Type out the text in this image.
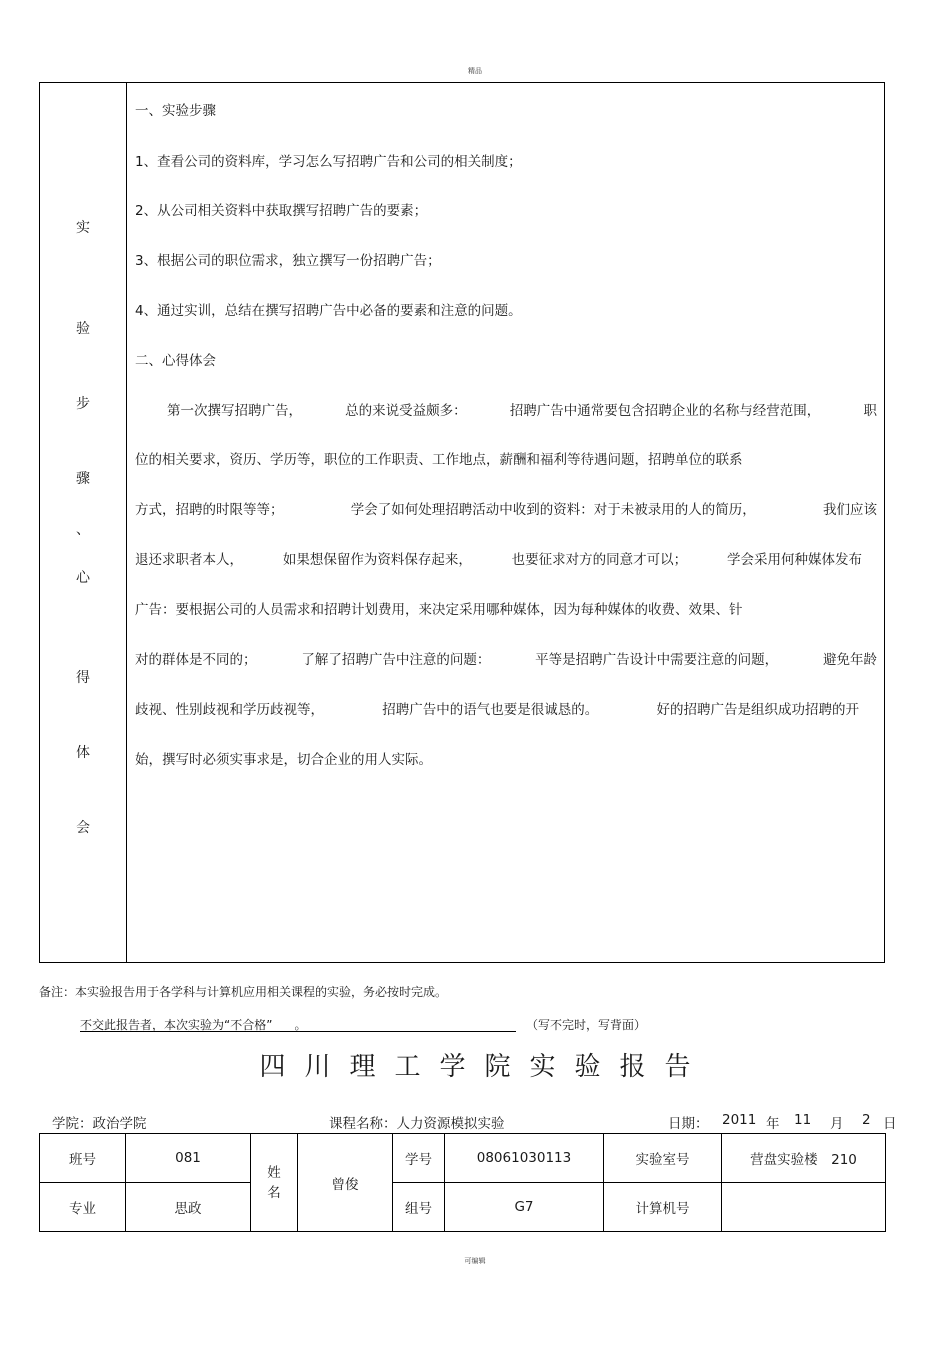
精品
实
验
步
骤
、
心
得
体
会
一、实验步骤
1、查看公司的资料库，学习怎么写招聘广告和公司的相关制度；
2、从公司相关资料中获取撰写招聘广告的要素；
3、根据公司的职位需求，独立撰写一份招聘广告；
4、通过实训，总结在撰写招聘广告中必备的要素和注意的问题。
二、心得体会
第一次撰写招聘广告，	总的来说受益颇多：	招聘广告中通常要包含招聘企业的名称与经营范围，	职
位的相关要求，资历、学历等，职位的工作职责、工作地点，薪酬和福利等待遇问题，招聘单位的联系
方式，招聘的时限等等；	学会了如何处理招聘活动中收到的资料：对于未被录用的人的简历，	我们应该
退还求职者本人，	如果想保留作为资料保存起来，	也要征求对方的同意才可以；	学会采用何种媒体发布
广告：要根据公司的人员需求和招聘计划费用，来决定采用哪种媒体，因为每种媒体的收费、效果、针
对的群体是不同的；	了解了招聘广告中注意的问题：	平等是招聘广告设计中需要注意的问题，	避免年龄
歧视、性别歧视和学历歧视等，	招聘广告中的语气也要是很诚恳的。	好的招聘广告是组织成功招聘的开
始，撰写时必须实事求是，切合企业的用人实际。
备注：本实验报告用于各学科与计算机应用相关课程的实验，务必按时完成。
不交此报告者，本次实验为“不合格” 。	（写不完时，写背面）
四川理工学院实验报告
学院：政治学院	课程名称：人力资源模拟实验	日期： 2011 年 11 月 2 日
班号	081	姓名	曾俊	学号	08061030113	实验室号	营盘实验楼　210
专业	思政			组号	G7	计算机号	
可编辑
